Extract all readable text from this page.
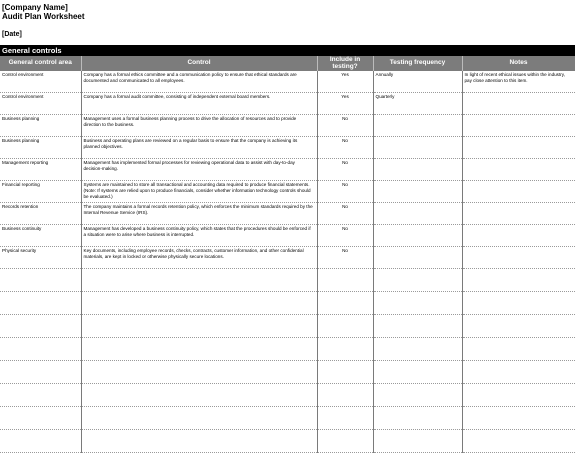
[Company Name]
Audit Plan Worksheet
[Date]
General controls
General control area	Control	Include in testing?	Testing frequency	Notes
Control environment	Company has a formal ethics committee and a communication policy to ensure that ethical standards are documented and communicated to all employees.	Yes	Annually	In light of recent ethical issues within the industry, pay close attention to this item.
Control environment	Company has a formal audit committee, consisting of independent external board members.	Yes	Quarterly	
Business planning	Management uses a formal business planning process to drive the allocation of resources and to provide direction to the business.	No		
Business planning	Business and operating plans are reviewed on a regular basis to ensure that the company is achieving its planned objectives.	No		
Management reporting	Management has implemented formal processes for reviewing operational data to assist with day-to-day decision-making.	No		
Financial reporting	Systems are maintained to store all transactional and accounting data required to produce financial statements. (Note: If systems are relied upon to produce financials, consider whether information technology controls should be evaluated.)	No		
Records retention	The company maintains a formal records retention policy, which enforces the minimum standards required by the Internal Revenue Service (IRS).	No		
Business continuity	Management has developed a business continuity policy, which states that the procedures should be enforced if a situation were to arise where business is interrupted.	No		
Physical security	Key documents, including employee records, checks, contracts, customer information, and other confidential materials, are kept in locked or otherwise physically secure locations.	No		
